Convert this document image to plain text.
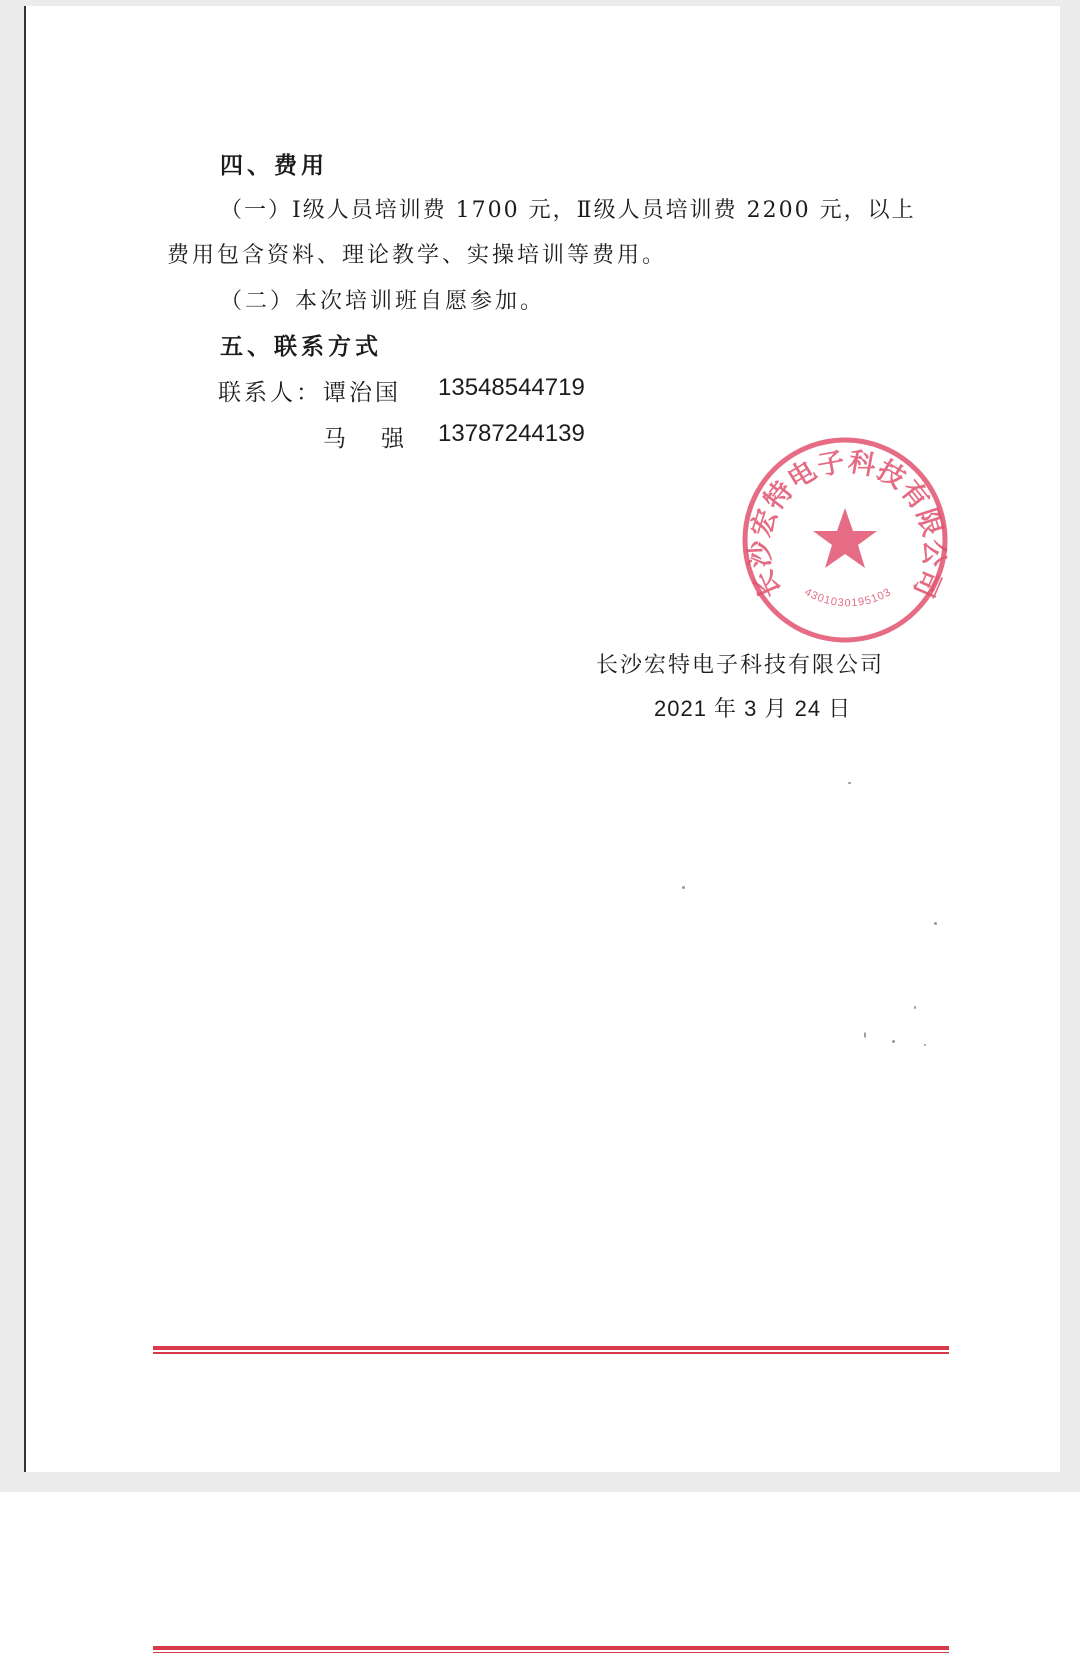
四、费用
（一）Ⅰ级人员培训费 1700 元，Ⅱ级人员培训费 2200 元，以上
费用包含资料、理论教学、实操培训等费用。
（二）本次培训班自愿参加。
五、联系方式
联系人： 谭治国 13548544719
马　强 13787244139
长沙宏特电子科技有限公司
4301030195103
长沙宏特电子科技有限公司
2021 年 3 月 24 日
